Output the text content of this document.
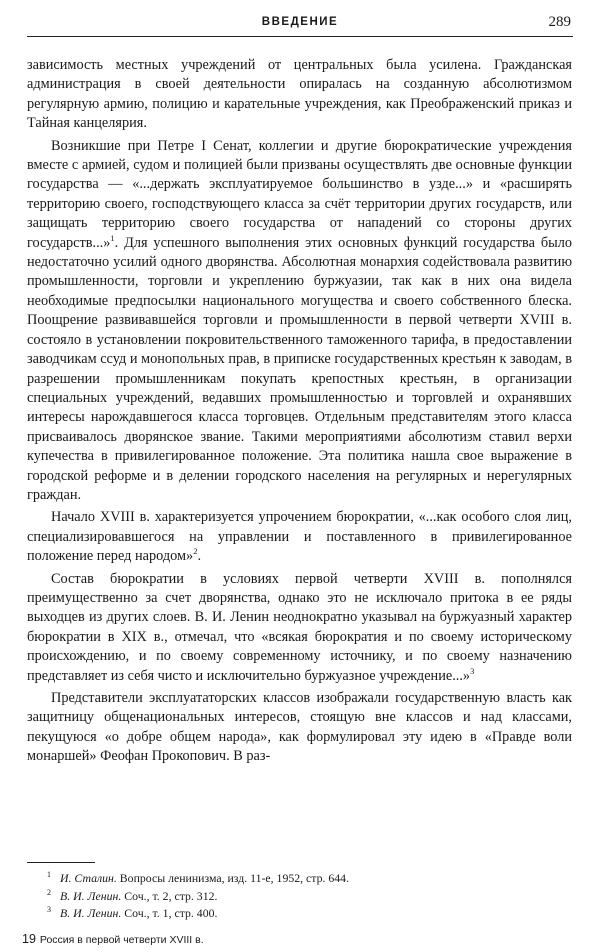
ВВЕДЕНИЕ	289

зависимость местных учреждений от центральных была усилена. Гражданская администрация в своей деятельности опиралась на созданную абсолютизмом регулярную армию, полицию и карательные учреждения, как Преображенский приказ и Тайная канцелярия.

Возникшие при Петре I Сенат, коллегии и другие бюрократические учреждения вместе с армией, судом и полицией были призваны осуществлять две основные функции государства — «...держать эксплуатируемое большинство в узде...» и «расширять территорию своего, господствующего класса за счёт территории других государств, или защищать территорию своего государства от нападений со стороны других государств...»$^1$. Для успешного выполнения этих основных функций государства было недостаточно усилий одного дворянства. Абсолютная монархия содействовала развитию промышленности, торговли и укреплению буржуазии, так как в них она видела необходимые предпосылки национального могущества и своего собственного блеска. Поощрение развивавшейся торговли и промышленности в первой четверти XVIII в. состояло в установлении покровительственного таможенного тарифа, в предоставлении заводчикам ссуд и монопольных прав, в приписке государственных крестьян к заводам, в разрешении промышленникам покупать крепостных крестьян, в организации специальных учреждений, ведавших промышленностью и торговлей и охранявших интересы нарождавшегося класса торговцев. Отдельным представителям этого класса присваивалось дворянское звание. Такими мероприятиями абсолютизм ставил верхи купечества в привилегированное положение. Эта политика нашла свое выражение в городской реформе и в делении городского населения на регулярных и нерегулярных граждан.

Начало XVIII в. характеризуется упрочением бюрократии, «...как особого слоя лиц, специализировавшегося на управлении и поставленного в привилегированное положение перед народом»$^2$.

Состав бюрократии в условиях первой четверти XVIII в. пополнялся преимущественно за счет дворянства, однако это не исключало притока в ее ряды выходцев из других слоев. В. И. Ленин неоднократно указывал на буржуазный характер бюрократии в XIX в., отмечал, что «всякая бюрократия и по своему историческому происхождению, и по своему современному источнику, и по своему назначению представляет из себя чисто и исключительно буржуазное учреждение...»$^3$

Представители эксплуататорских классов изображали государственную власть как защитницу общенациональных интересов, стоящую вне классов и над классами, пекущуюся «о добре общем народа», как формулировал эту идею в «Правде воли монаршей» Феофан Прокопович. В раз-

1 И. Сталин. Вопросы ленинизма, изд. 11-е, 1952, стр. 644.
2 В. И. Ленин. Соч., т. 2, стр. 312.
3 В. И. Ленин. Соч., т. 1, стр. 400.
19 Россия в первой четверти XVIII в.
